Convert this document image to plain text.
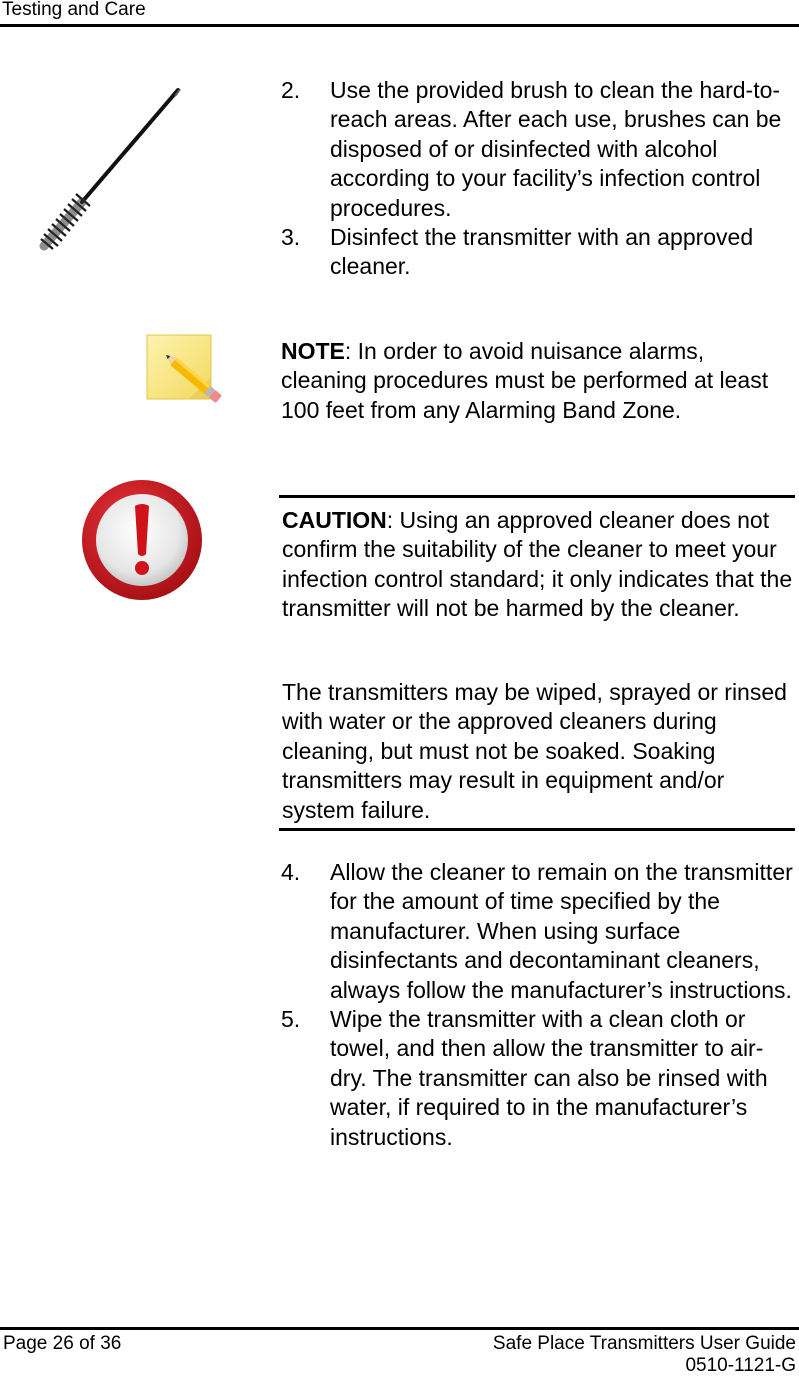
Testing and Care
2. Use the provided brush to clean the hard-to-reach areas. After each use, brushes can be disposed of or disinfected with alcohol according to your facility’s infection control procedures.
3. Disinfect the transmitter with an approved cleaner.
NOTE: In order to avoid nuisance alarms, cleaning procedures must be performed at least 100 feet from any Alarming Band Zone.
CAUTION: Using an approved cleaner does not confirm the suitability of the cleaner to meet your infection control standard; it only indicates that the transmitter will not be harmed by the cleaner.
The transmitters may be wiped, sprayed or rinsed with water or the approved cleaners during cleaning, but must not be soaked. Soaking transmitters may result in equipment and/or system failure.
4. Allow the cleaner to remain on the transmitter for the amount of time specified by the manufacturer. When using surface disinfectants and decontaminant cleaners, always follow the manufacturer’s instructions.
5. Wipe the transmitter with a clean cloth or towel, and then allow the transmitter to air-dry. The transmitter can also be rinsed with water, if required to in the manufacturer’s instructions.
Page 26 of 36	Safe Place Transmitters User Guide
0510-1121-G
